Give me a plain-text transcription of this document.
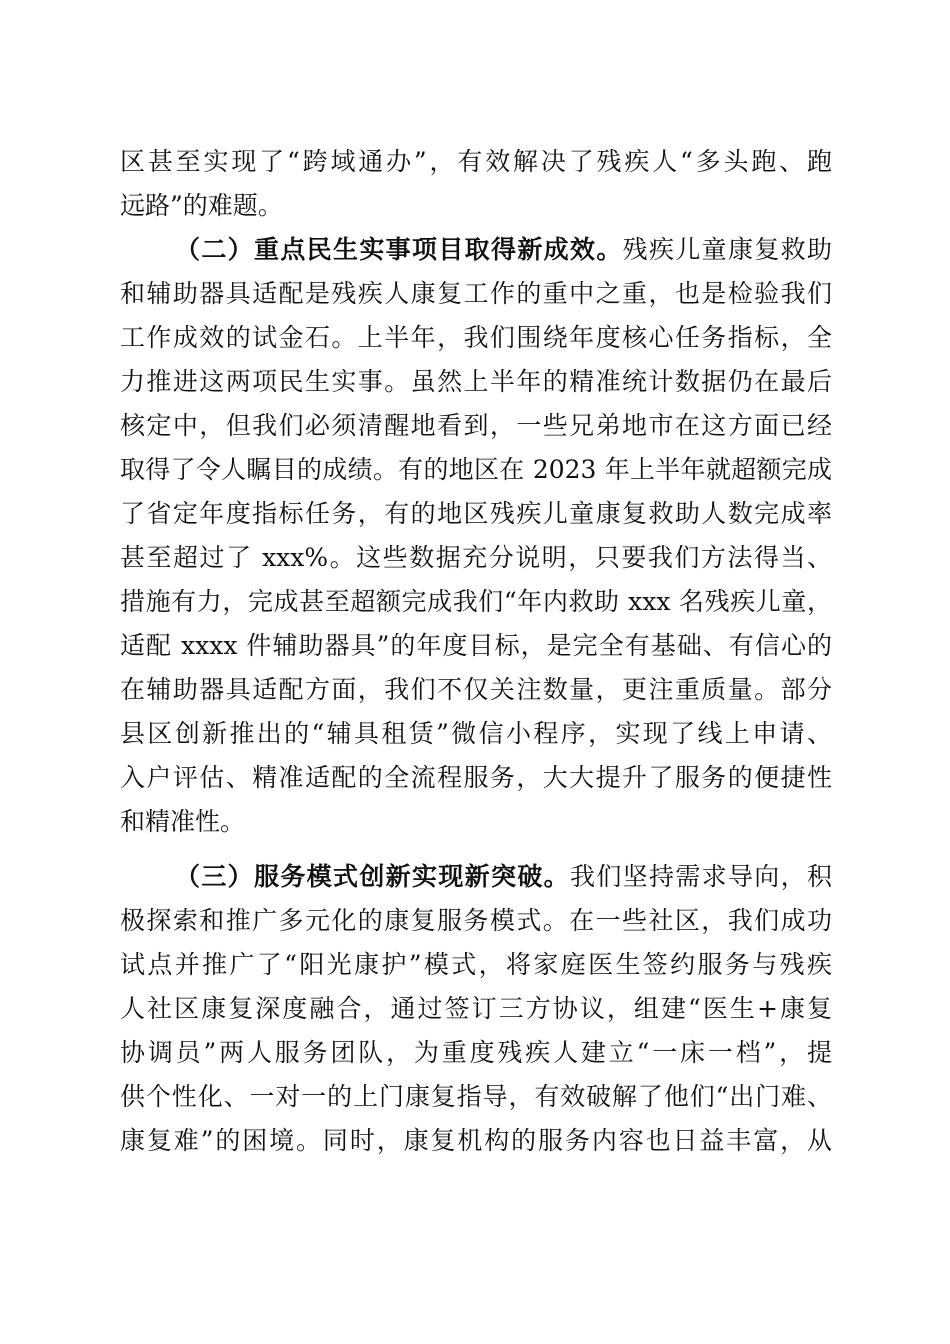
区甚至实现了“跨域通办”，有效解决了残疾人“多头跑、跑
远路”的难题。
（二）重点民生实事项目取得新成效。残疾儿童康复救助
和辅助器具适配是残疾人康复工作的重中之重，也是检验我们
工作成效的试金石。上半年，我们围绕年度核心任务指标，全
力推进这两项民生实事。虽然上半年的精准统计数据仍在最后
核定中，但我们必须清醒地看到，一些兄弟地市在这方面已经
取得了令人瞩目的成绩。有的地区在 2023 年上半年就超额完成
了省定年度指标任务，有的地区残疾儿童康复救助人数完成率
甚至超过了 xxx%。这些数据充分说明，只要我们方法得当、
措施有力，完成甚至超额完成我们“年内救助 xxx 名残疾儿童，
适配 xxxx 件辅助器具”的年度目标，是完全有基础、有信心的
在辅助器具适配方面，我们不仅关注数量，更注重质量。部分
县区创新推出的“辅具租赁”微信小程序，实现了线上申请、
入户评估、精准适配的全流程服务，大大提升了服务的便捷性
和精准性。
（三）服务模式创新实现新突破。我们坚持需求导向，积
极探索和推广多元化的康复服务模式。在一些社区，我们成功
试点并推广了“阳光康护”模式，将家庭医生签约服务与残疾
人社区康复深度融合，通过签订三方协议，组建“医生+康复
协调员”两人服务团队，为重度残疾人建立“一床一档”，提
供个性化、一对一的上门康复指导，有效破解了他们“出门难、
康复难”的困境。同时，康复机构的服务内容也日益丰富，从
